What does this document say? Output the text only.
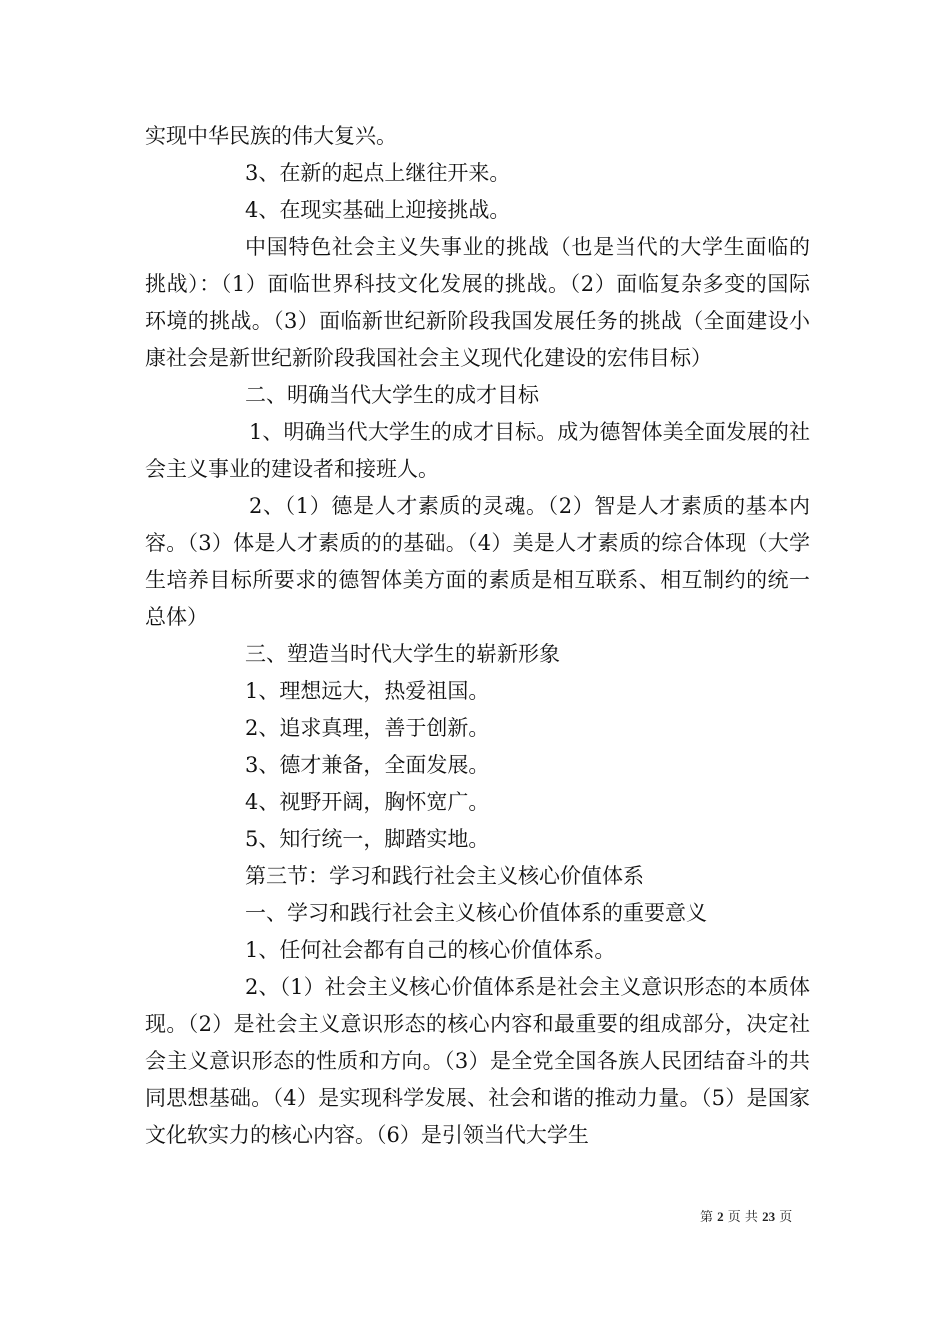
实现中华民族的伟大复兴。

3、在新的起点上继往开来。

4、在现实基础上迎接挑战。

中国特色社会主义失事业的挑战（也是当代的大学生面临的挑战）：（1）面临世界科技文化发展的挑战。（2）面临复杂多变的国际环境的挑战。（3）面临新世纪新阶段我国发展任务的挑战（全面建设小康社会是新世纪新阶段我国社会主义现代化建设的宏伟目标）

二、明确当代大学生的成才目标

1、明确当代大学生的成才目标。成为德智体美全面发展的社会主义事业的建设者和接班人。

2、（1）德是人才素质的灵魂。（2）智是人才素质的基本内容。（3）体是人才素质的的基础。（4）美是人才素质的综合体现（大学生培养目标所要求的德智体美方面的素质是相互联系、相互制约的统一总体）

三、塑造当时代大学生的崭新形象

1、理想远大，热爱祖国。

2、追求真理，善于创新。

3、德才兼备，全面发展。

4、视野开阔，胸怀宽广。

5、知行统一，脚踏实地。

第三节：学习和践行社会主义核心价值体系

一、学习和践行社会主义核心价值体系的重要意义

1、任何社会都有自己的核心价值体系。

2、（1）社会主义核心价值体系是社会主义意识形态的本质体现。（2）是社会主义意识形态的核心内容和最重要的组成部分，决定社会主义意识形态的性质和方向。（3）是全党全国各族人民团结奋斗的共同思想基础。（4）是实现科学发展、社会和谐的推动力量。（5）是国家文化软实力的核心内容。（6）是引领当代大学生

第 2 页 共 23 页
